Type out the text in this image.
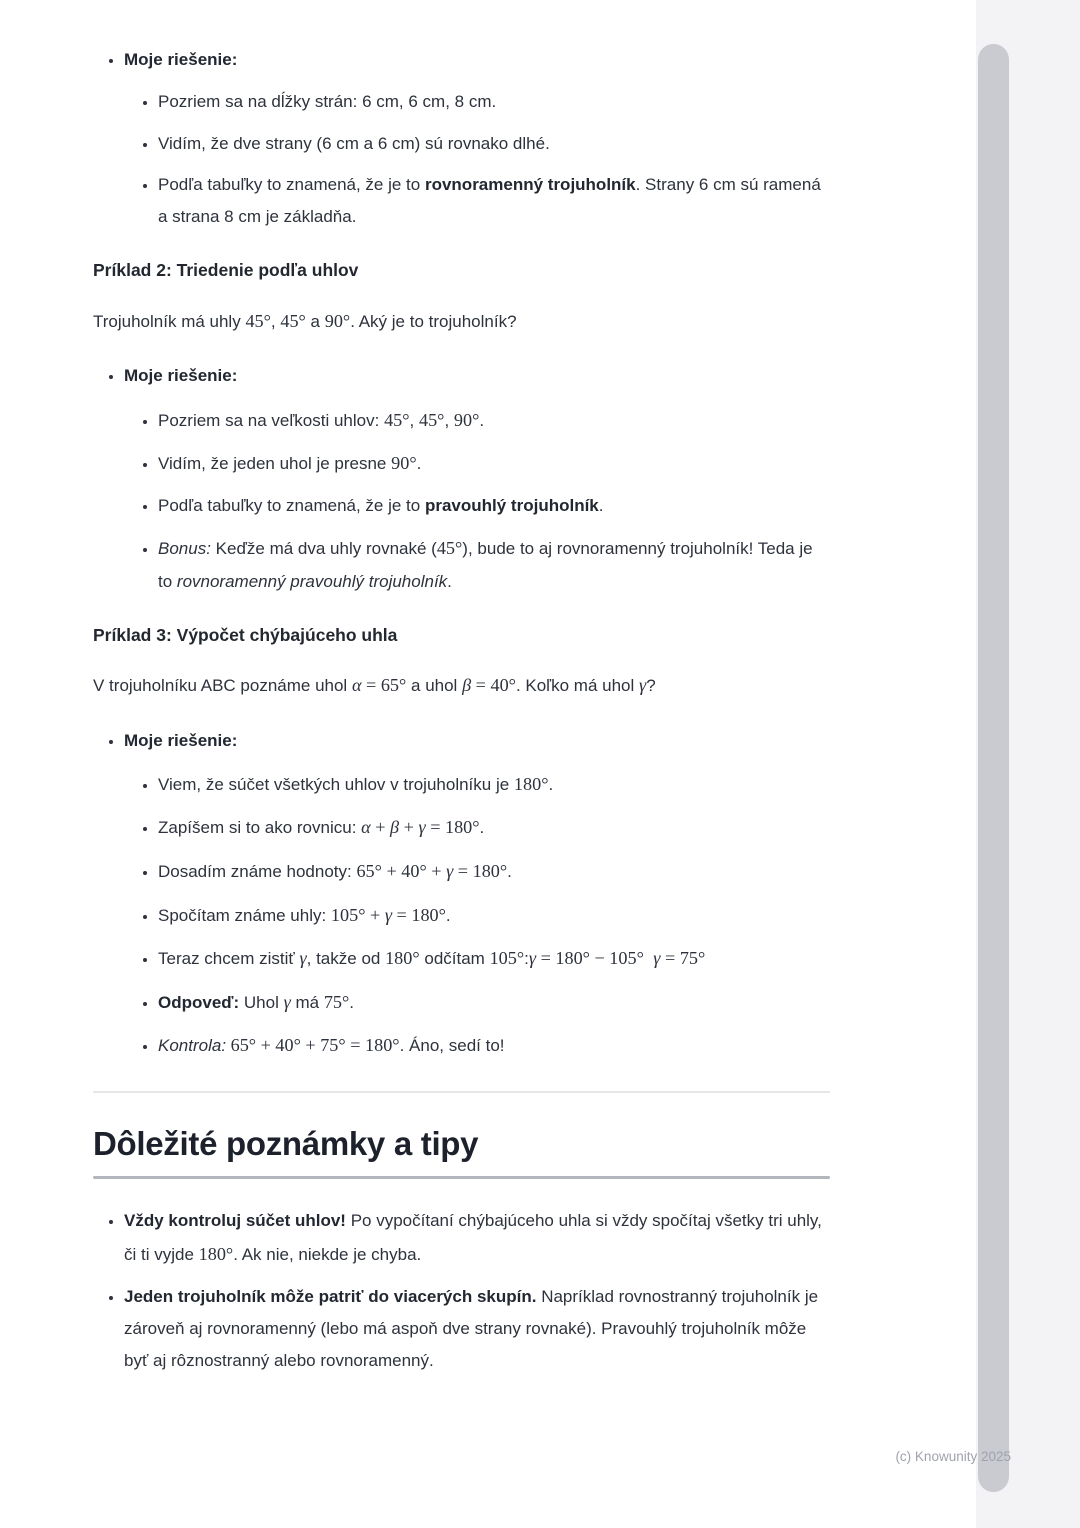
• Moje riešenie:
• Pozriem sa na dĺžky strán: 6 cm, 6 cm, 8 cm.
• Vidím, že dve strany (6 cm a 6 cm) sú rovnako dlhé.
• Podľa tabuľky to znamená, že je to rovnoramenný trojuholník. Strany 6 cm sú ramená a strana 8 cm je základňa.
Príklad 2: Triedenie podľa uhlov

Trojuholník má uhly 45°, 45° a 90°. Aký je to trojuholník?

• Moje riešenie:
• Pozriem sa na veľkosti uhlov: 45°, 45°, 90°.
• Vidím, že jeden uhol je presne 90°.
• Podľa tabuľky to znamená, že je to pravouhlý trojuholník.
• Bonus: Keďže má dva uhly rovnaké (45°), bude to aj rovnoramenný trojuholník! Teda je to rovnoramenný pravouhlý trojuholník.
Príklad 3: Výpočet chýbajúceho uhla

V trojuholníku ABC poznáme uhol α = 65° a uhol β = 40°. Koľko má uhol γ?

• Moje riešenie:
• Viem, že súčet všetkých uhlov v trojuholníku je 180°.
• Zapíšem si to ako rovnicu: α + β + γ = 180°.
• Dosadím známe hodnoty: 65° + 40° + γ = 180°.
• Spočítam známe uhly: 105° + γ = 180°.
• Teraz chcem zistiť γ, takže od 180° odčítam 105°:γ = 180° − 105° γ = 75°
• Odpoveď: Uhol γ má 75°.
• Kontrola: 65° + 40° + 75° = 180°. Áno, sedí to!
Dôležité poznámky a tipy
• Vždy kontroluj súčet uhlov! Po vypočítaní chýbajúceho uhla si vždy spočítaj všetky tri uhly, či ti vyjde 180°. Ak nie, niekde je chyba.
• Jeden trojuholník môže patriť do viacerých skupín. Napríklad rovnostranný trojuholník je zároveň aj rovnoramenný (lebo má aspoň dve strany rovnaké). Pravouhlý trojuholník môže byť aj rôznostranný alebo rovnoramenný.
(c) Knowunity 2025
